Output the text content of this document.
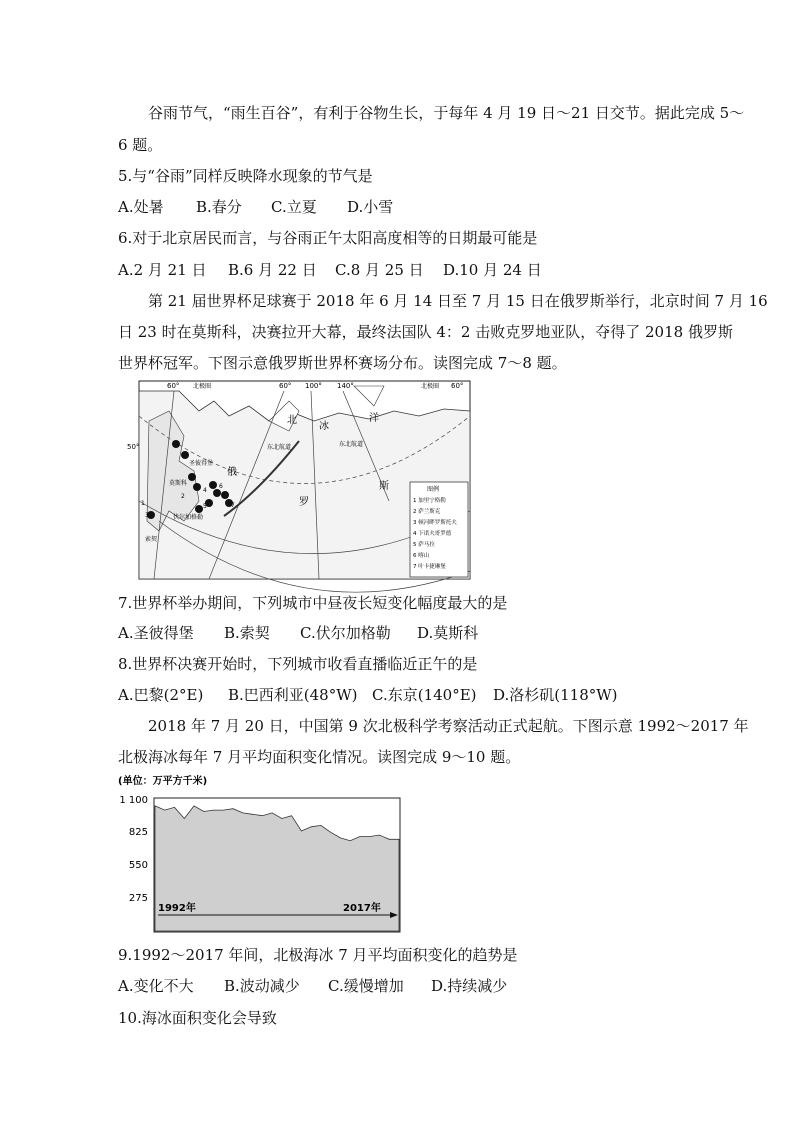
谷雨节气，“雨生百谷”，有利于谷物生长，于每年 4 月 19 日～21 日交节。据此完成 5～
6 题。
5.与“谷雨”同样反映降水现象的节气是
A.处暑 B.春分 C.立夏 D.小雪
6.对于北京居民而言，与谷雨正午太阳高度相等的日期最可能是
A.2 月 21 日 B.6 月 22 日 C.8 月 25 日 D.10 月 24 日
第 21 届世界杯足球赛于 2018 年 6 月 14 日至 7 月 15 日在俄罗斯举行，北京时间 7 月 16
日 23 时在莫斯科，决赛拉开大幕，最终法国队 4：2 击败克罗地亚队，夺得了 2018 俄罗斯
世界杯冠军。下图示意俄罗斯世界杯赛场分布。读图完成 7～8 题。
60° 北极圈	60° 100° 140°	北极圈 60°
50°
北
冰
洋
俄
罗
斯
东北航道	东北航道
圣彼得堡
莫斯科
伏尔加格勒
索契
1
2
3
4
5
6
7
图例
1 加里宁格勒
2 萨兰斯克
3 顿河畔罗斯托夫
4 下诺夫哥罗德
5 萨马拉
6 喀山
7 叶卡捷琳堡
7.世界杯举办期间，下列城市中昼夜长短变化幅度最大的是
A.圣彼得堡 B.索契 C.伏尔加格勒 D.莫斯科
8.世界杯决赛开始时，下列城市收看直播临近正午的是
A.巴黎(2°E) B.巴西利亚(48°W) C.东京(140°E) D.洛杉矶(118°W)
2018 年 7 月 20 日，中国第 9 次北极科学考察活动正式起航。下图示意 1992～2017 年
北极海冰每年 7 月平均面积变化情况。读图完成 9～10 题。
(单位：万平方千米)
1 100
825
550
275
1992年	2017年
9.1992～2017 年间，北极海冰 7 月平均面积变化的趋势是
A.变化不大 B.波动减少 C.缓慢增加 D.持续减少
10.海冰面积变化会导致
